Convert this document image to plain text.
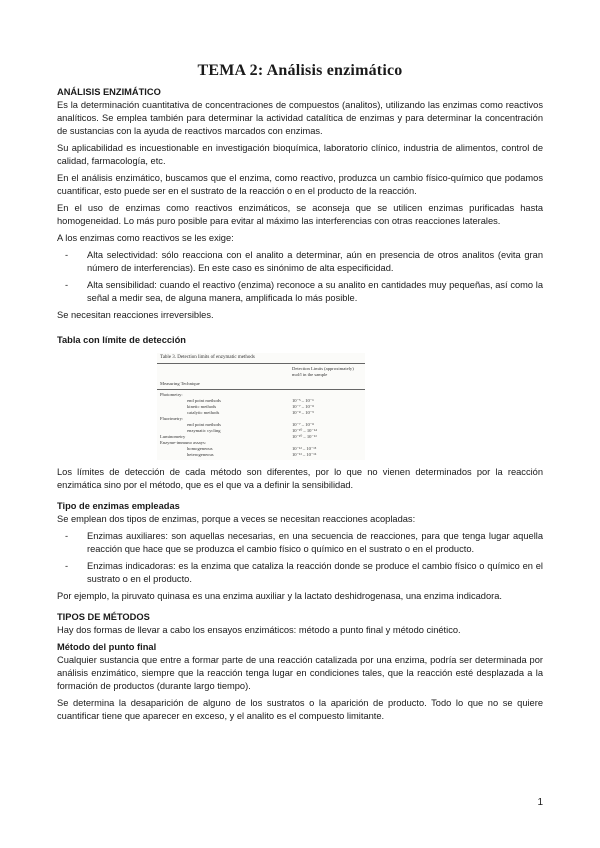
TEMA 2: Análisis enzimático
ANÁLISIS ENZIMÁTICO

Es la determinación cuantitativa de concentraciones de compuestos (analitos), utilizando las enzimas como reactivos analíticos. Se emplea también para determinar la actividad catalítica de enzimas y para determinar la concentración de sustancias con la ayuda de reactivos marcados con enzimas.

Su aplicabilidad es incuestionable en investigación bioquímica, laboratorio clínico, industria de alimentos, control de calidad, farmacología, etc.

En el análisis enzimático, buscamos que el enzima, como reactivo, produzca un cambio físico-químico que podamos cuantificar, esto puede ser en el sustrato de la reacción o en el producto de la reacción.

En el uso de enzimas como reactivos enzimáticos, se aconseja que se utilicen enzimas purificadas hasta homogeneidad. Lo más puro posible para evitar al máximo las interferencias con otras reacciones laterales.

A los enzimas como reactivos se les exige:

- Alta selectividad: sólo reacciona con el analito a determinar, aún en presencia de otros analitos (evita gran número de interferencias). En este caso es sinónimo de alta especificidad.
- Alta sensibilidad: cuando el reactivo (enzima) reconoce a su analito en cantidades muy pequeñas, así como la señal a medir sea, de alguna manera, amplificada lo más posible.

Se necesitan reacciones irreversibles.

Tabla con límite de detección
Table 3. Detection limits of enzymatic methods
Measuring Technique
Detection Limits (approximately) mol/l in the sample
Photometry:
end point methods	10⁻⁵ – 10⁻⁶
kinetic methods	10⁻⁷ – 10⁻⁸
catalytic methods	10⁻⁸ – 10⁻⁹
Fluorimetry:
end point methods	10⁻⁷ – 10⁻⁸
enzymatic cycling	10⁻¹⁰ – 10⁻¹⁴
Luminometry	10⁻¹⁰ – 10⁻¹³
Enzyme-immuno assays:
homogeneous	10⁻¹² – 10⁻¹⁵
heterogeneous	10⁻¹³ – 10⁻¹⁶

Los límites de detección de cada método son diferentes, por lo que no vienen determinados por la reacción enzimática sino por el método, que es el que va a definir la sensibilidad.

Tipo de enzimas empleadas

Se emplean dos tipos de enzimas, porque a veces se necesitan reacciones acopladas:

- Enzimas auxiliares: son aquellas necesarias, en una secuencia de reacciones, para que tenga lugar aquella reacción que hace que se produzca el cambio físico o químico en el sustrato o en el producto.
- Enzimas indicadoras: es la enzima que cataliza la reacción donde se produce el cambio físico o químico en el sustrato o en el producto.

Por ejemplo, la piruvato quinasa es una enzima auxiliar y la lactato deshidrogenasa, una enzima indicadora.

TIPOS DE MÉTODOS

Hay dos formas de llevar a cabo los ensayos enzimáticos: método a punto final y método cinético.

Método del punto final

Cualquier sustancia que entre a formar parte de una reacción catalizada por una enzima, podría ser determinada por análisis enzimático, siempre que la reacción tenga lugar en condiciones tales, que la reacción esté desplazada a la formación de productos (durante largo tiempo).

Se determina la desaparición de alguno de los sustratos o la aparición de producto. Todo lo que no se quiere cuantificar tiene que aparecer en exceso, y el analito es el compuesto limitante.

1
